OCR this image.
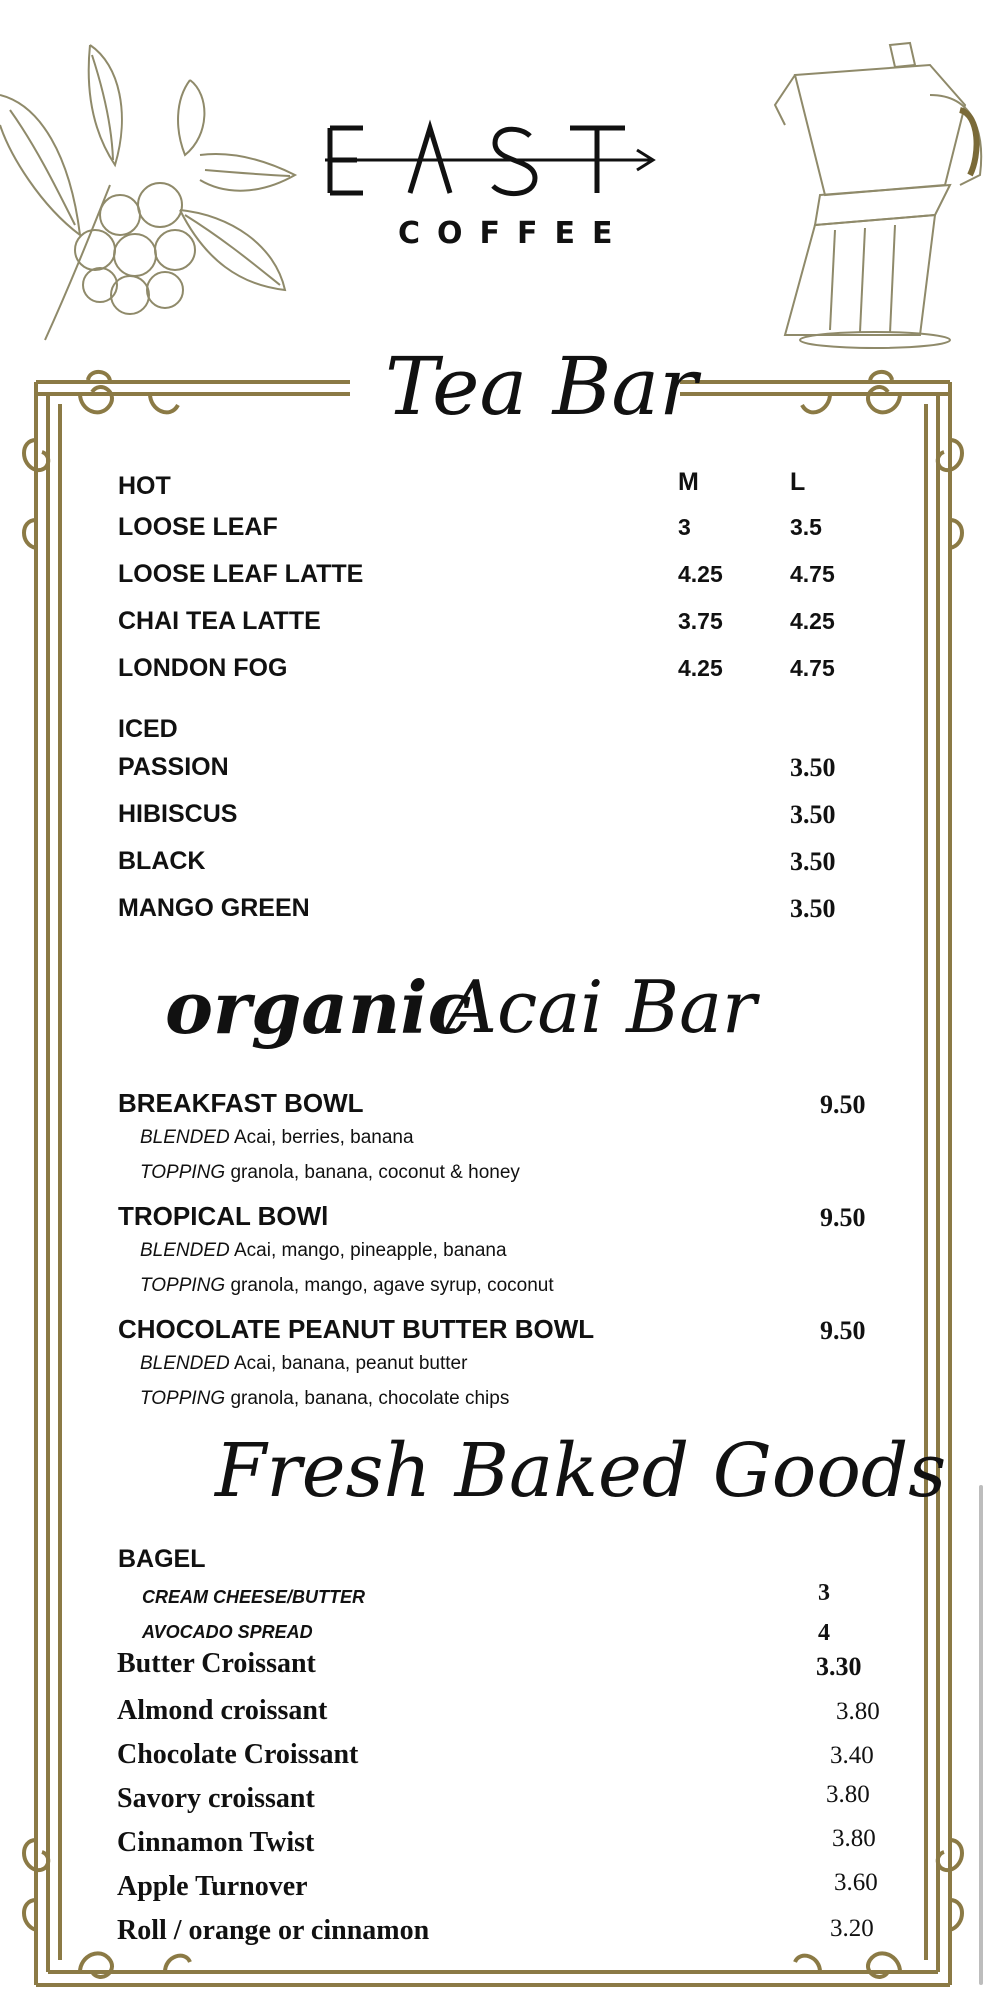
COFFEE
Tea Bar
HOT	M	L
LOOSE LEAF	3	3.5
LOOSE LEAF LATTE	4.25	4.75
CHAI TEA LATTE	3.75	4.25
LONDON FOG	4.25	4.75
ICED
PASSION	3.50
HIBISCUS	3.50
BLACK	3.50
MANGO GREEN	3.50
organic
Acai Bar
BREAKFAST BOWL	9.50
BLENDED Acai, berries, banana
TOPPING granola, banana, coconut & honey
TROPICAL BOWl	9.50
BLENDED Acai, mango, pineapple, banana
TOPPING granola, mango, agave syrup, coconut
CHOCOLATE PEANUT BUTTER BOWL	9.50
BLENDED Acai, banana, peanut butter
TOPPING granola, banana, chocolate chips
Fresh Baked Goods
BAGEL
CREAM CHEESE/BUTTER	3
AVOCADO SPREAD	4
Butter Croissant	3.30
Almond croissant	3.80
Chocolate Croissant	3.40
Savory croissant	3.80
Cinnamon Twist	3.80
Apple Turnover	3.60
Roll / orange or cinnamon	3.20
